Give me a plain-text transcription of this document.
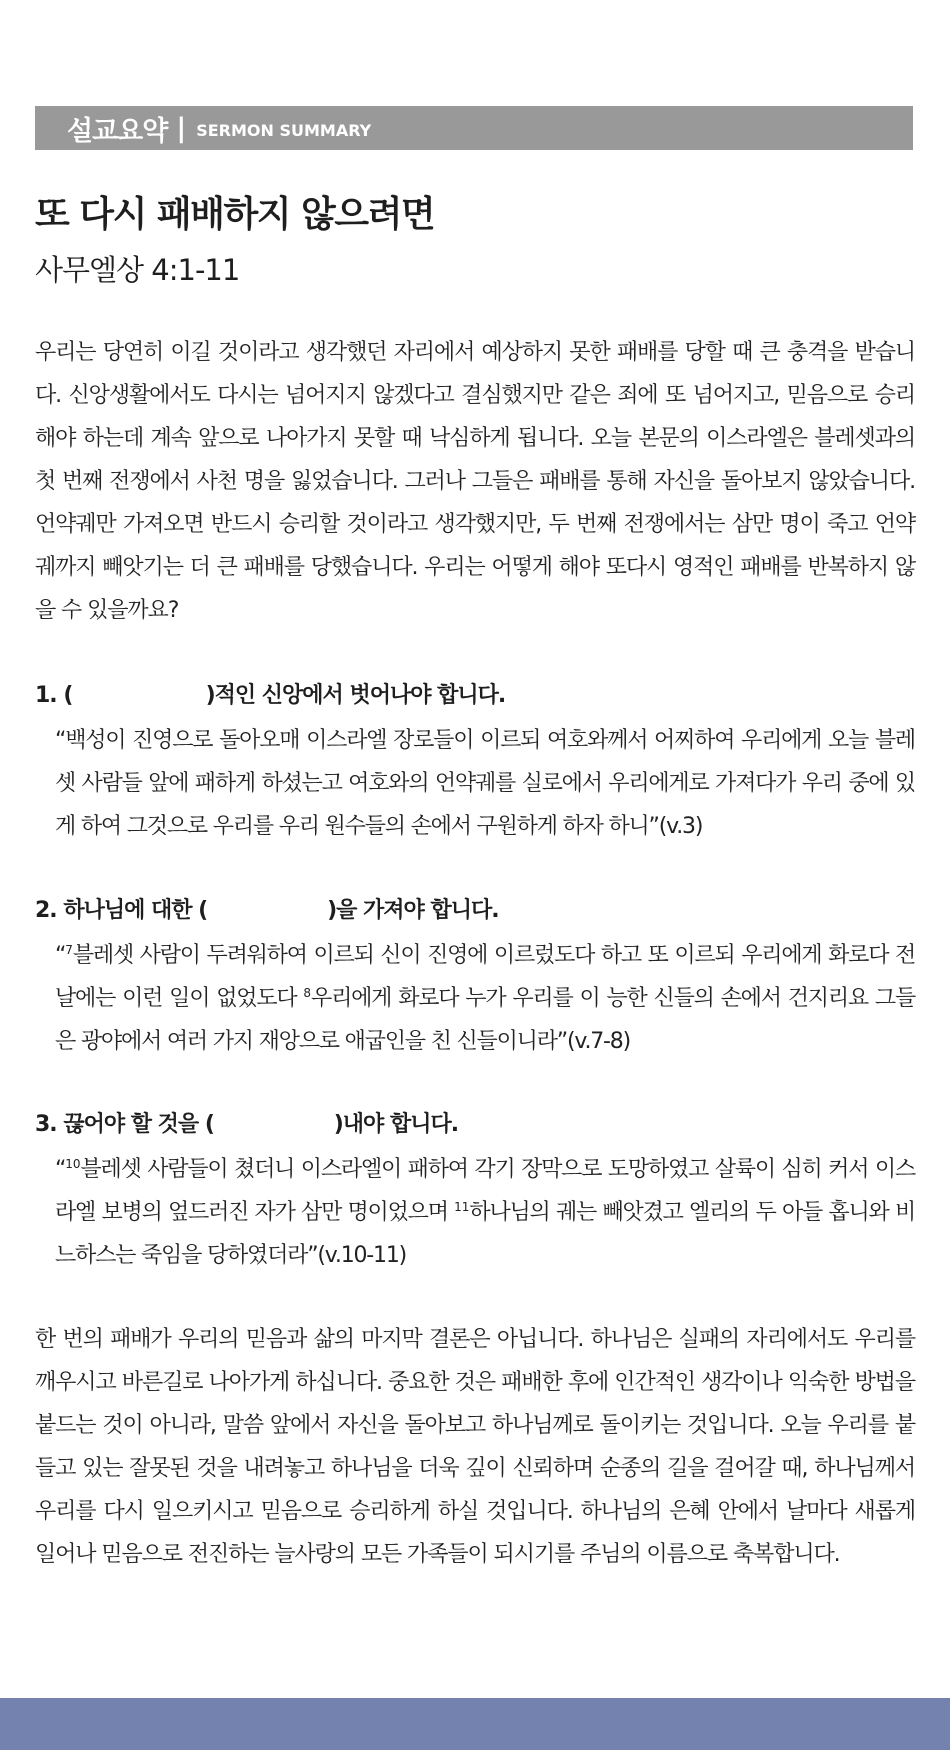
설교요약 | SERMON SUMMARY
또 다시 패배하지 않으려면
사무엘상 4:1-11

우리는 당연히 이길 것이라고 생각했던 자리에서 예상하지 못한 패배를 당할 때 큰 충격을 받습니다. 신앙생활에서도 다시는 넘어지지 않겠다고 결심했지만 같은 죄에 또 넘어지고, 믿음으로 승리해야 하는데 계속 앞으로 나아가지 못할 때 낙심하게 됩니다. 오늘 본문의 이스라엘은 블레셋과의 첫 번째 전쟁에서 사천 명을 잃었습니다. 그러나 그들은 패배를 통해 자신을 돌아보지 않았습니다. 언약궤만 가져오면 반드시 승리할 것이라고 생각했지만, 두 번째 전쟁에서는 삼만 명이 죽고 언약궤까지 빼앗기는 더 큰 패배를 당했습니다. 우리는 어떻게 해야 또다시 영적인 패배를 반복하지 않을 수 있을까요?

1. (                    )적인 신앙에서 벗어나야 합니다.
“백성이 진영으로 돌아오매 이스라엘 장로들이 이르되 여호와께서 어찌하여 우리에게 오늘 블레셋 사람들 앞에 패하게 하셨는고 여호와의 언약궤를 실로에서 우리에게로 가져다가 우리 중에 있게 하여 그것으로 우리를 우리 원수들의 손에서 구원하게 하자 하니”(v.3)
2. 하나님에 대한 (                  )을 가져야 합니다.
“$^7$블레셋 사람이 두려워하여 이르되 신이 진영에 이르렀도다 하고 또 이르되 우리에게 화로다 전날에는 이런 일이 없었도다 $^8$우리에게 화로다 누가 우리를 이 능한 신들의 손에서 건지리요 그들은 광야에서 여러 가지 재앙으로 애굽인을 친 신들이니라”(v.7-8)
3. 끊어야 할 것을 (                  )내야 합니다.
“$^{10}$블레셋 사람들이 쳤더니 이스라엘이 패하여 각기 장막으로 도망하였고 살륙이 심히 커서 이스라엘 보병의 엎드러진 자가 삼만 명이었으며 $^{11}$하나님의 궤는 빼앗겼고 엘리의 두 아들 홉니와 비느하스는 죽임을 당하였더라”(v.10-11)

한 번의 패배가 우리의 믿음과 삶의 마지막 결론은 아닙니다. 하나님은 실패의 자리에서도 우리를 깨우시고 바른길로 나아가게 하십니다. 중요한 것은 패배한 후에 인간적인 생각이나 익숙한 방법을 붙드는 것이 아니라, 말씀 앞에서 자신을 돌아보고 하나님께로 돌이키는 것입니다. 오늘 우리를 붙들고 있는 잘못된 것을 내려놓고 하나님을 더욱 깊이 신뢰하며 순종의 길을 걸어갈 때, 하나님께서 우리를 다시 일으키시고 믿음으로 승리하게 하실 것입니다. 하나님의 은혜 안에서 날마다 새롭게 일어나 믿음으로 전진하는 늘사랑의 모든 가족들이 되시기를 주님의 이름으로 축복합니다.
